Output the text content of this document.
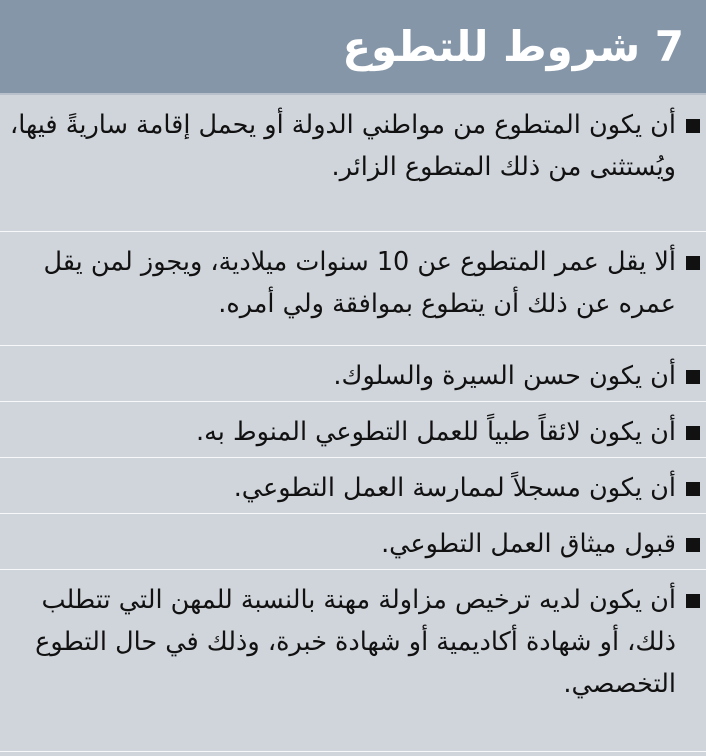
7 شروط للتطوع
أن يكون المتطوع من مواطني الدولة أو يحمل إقامة ساريةً فيها، ويُستثنى من ذلك المتطوع الزائر.
ألا يقل عمر المتطوع عن 10 سنوات ميلادية، ويجوز لمن يقل عمره عن ذلك أن يتطوع بموافقة ولي أمره.
أن يكون حسن السيرة والسلوك.
أن يكون لائقاً طبياً للعمل التطوعي المنوط به.
أن يكون مسجلاً لممارسة العمل التطوعي.
قبول ميثاق العمل التطوعي.
أن يكون لديه ترخيص مزاولة مهنة بالنسبة للمهن التي تتطلب ذلك، أو شهادة أكاديمية أو شهادة خبرة، وذلك في حال التطوع التخصصي.
